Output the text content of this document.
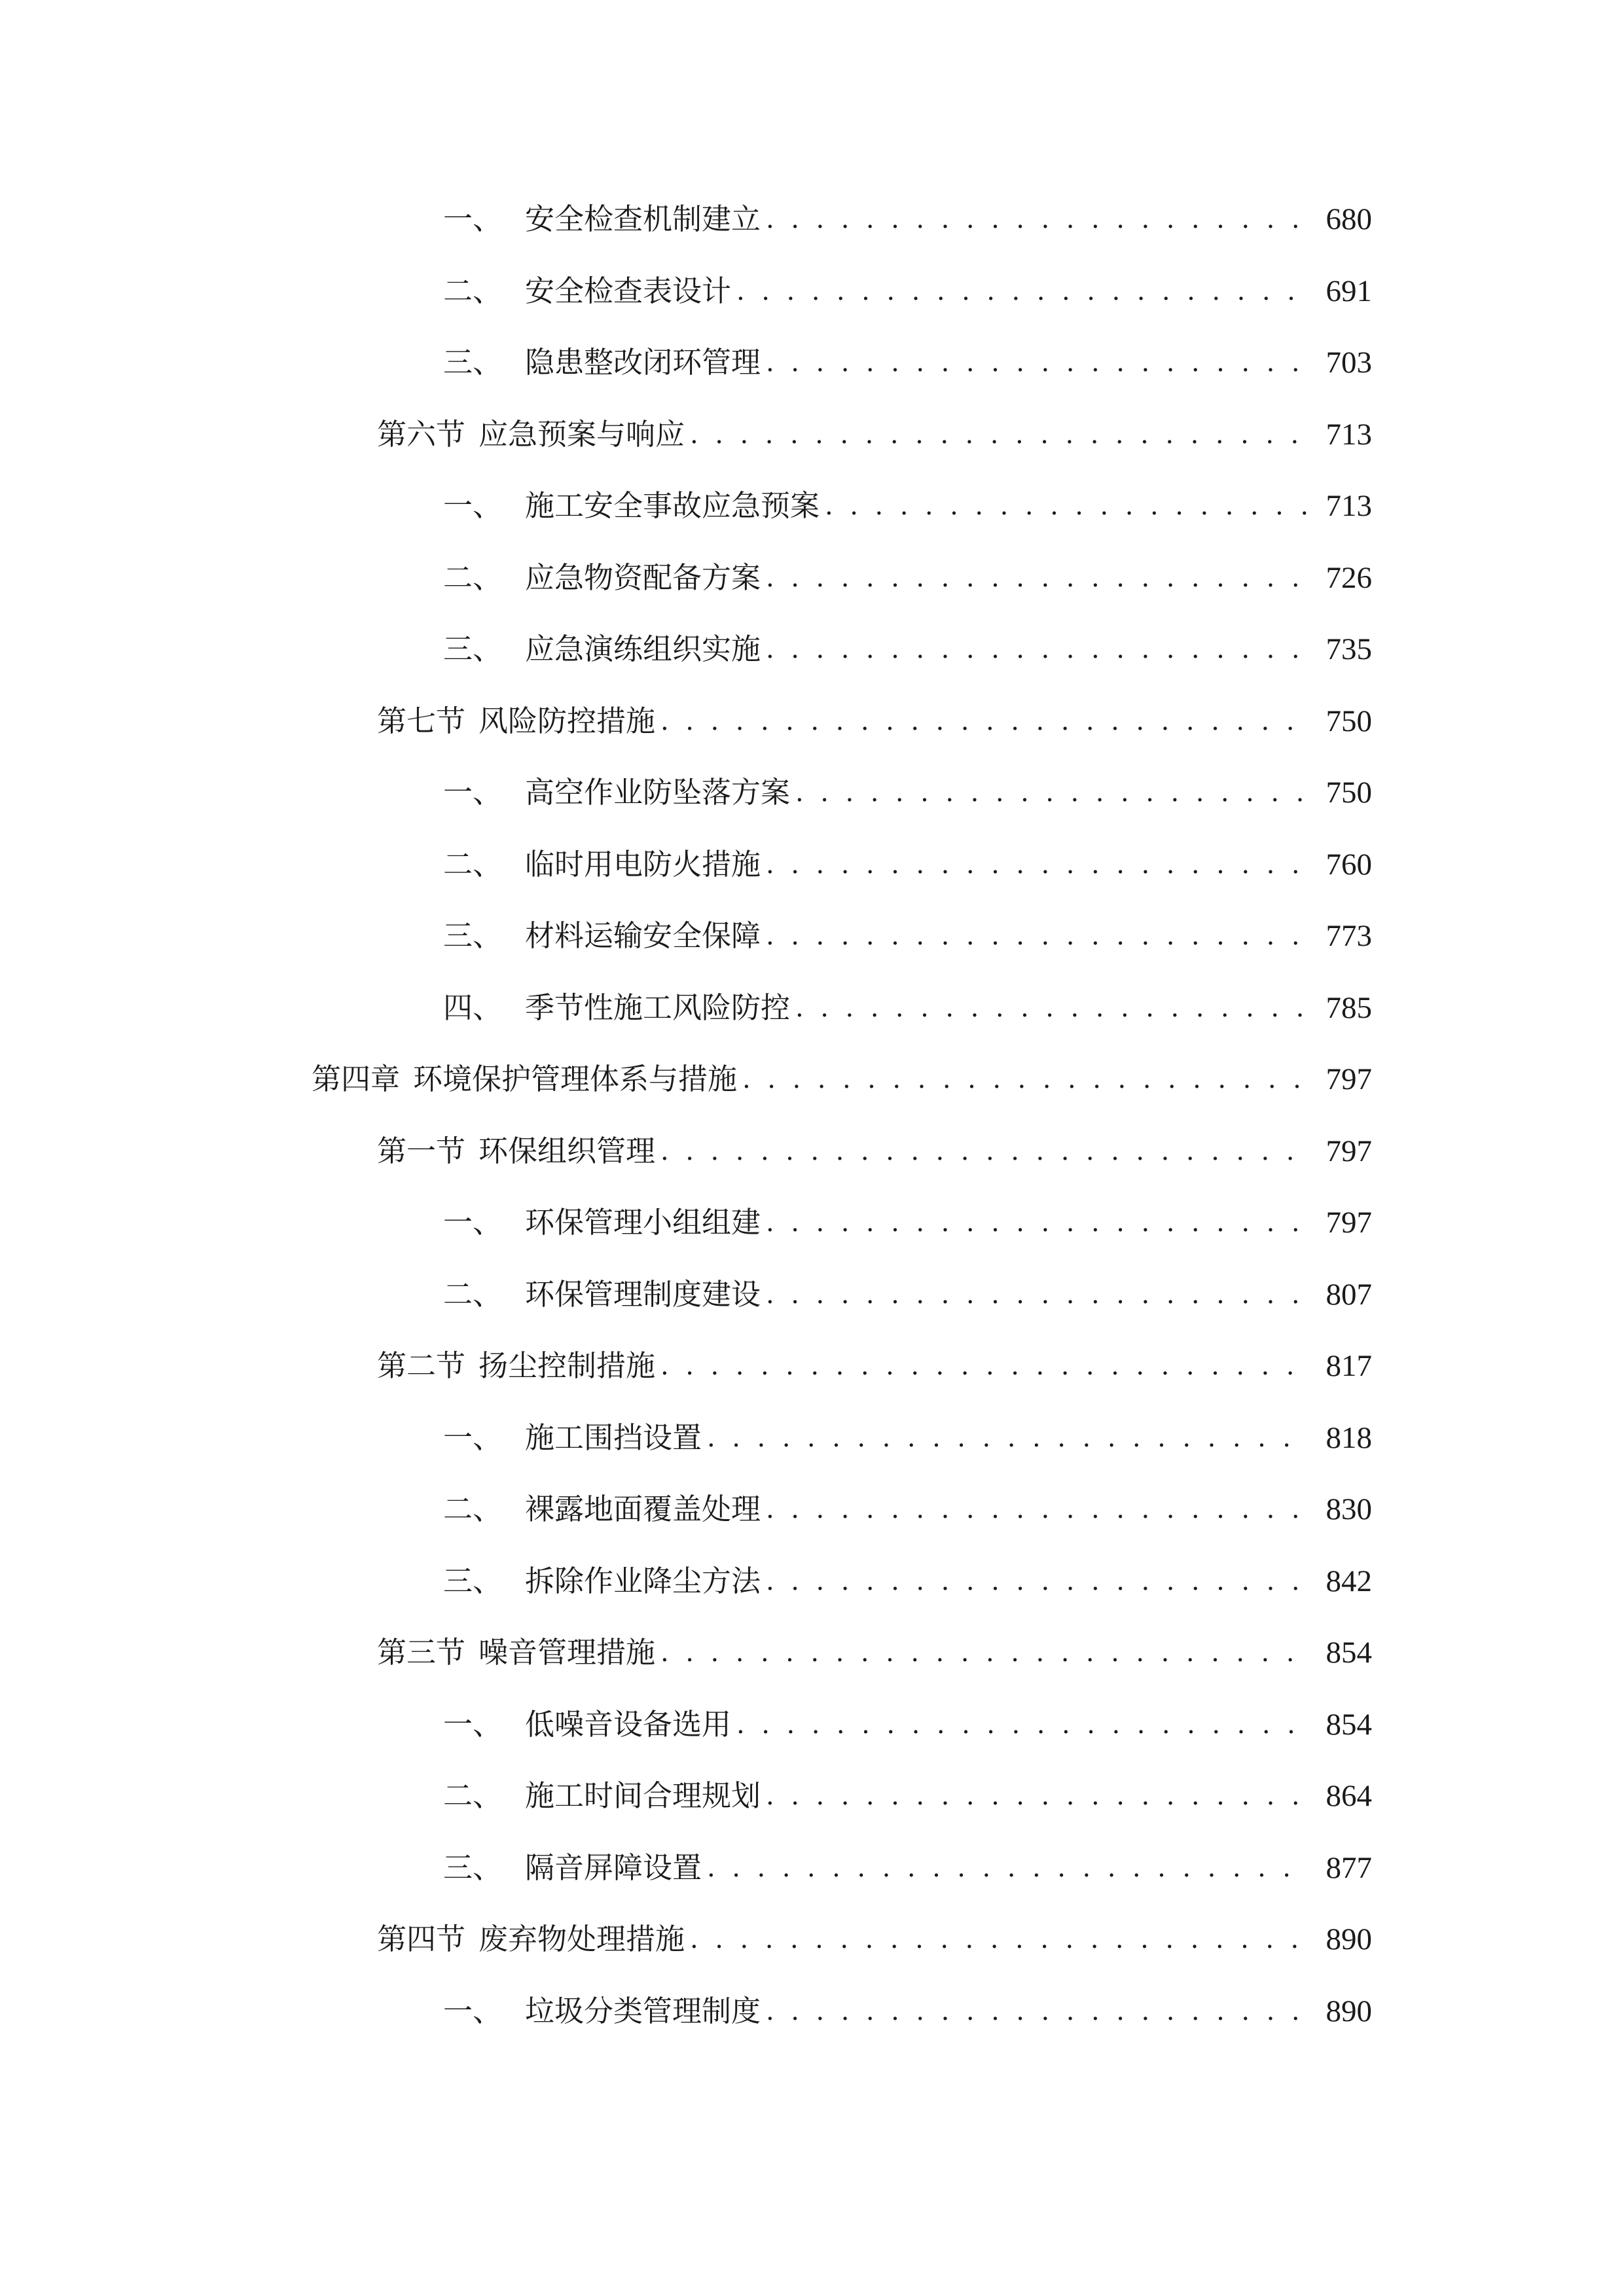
一、 安全检查机制建立 . . .	680
二、 安全检查表设计 . . .	691
三、 隐患整改闭环管理 . . .	703
第六节 应急预案与响应 . . .	713
一、 施工安全事故应急预案 . . .	713
二、 应急物资配备方案 . . .	726
三、 应急演练组织实施 . . .	735
第七节 风险防控措施 . . .	750
一、 高空作业防坠落方案 . . .	750
二、 临时用电防火措施 . . .	760
三、 材料运输安全保障 . . .	773
四、 季节性施工风险防控 . . .	785
第四章 环境保护管理体系与措施 . . .	797
第一节 环保组织管理 . . .	797
一、 环保管理小组组建 . . .	797
二、 环保管理制度建设 . . .	807
第二节 扬尘控制措施 . . .	817
一、 施工围挡设置 . . .	818
二、 裸露地面覆盖处理 . . .	830
三、 拆除作业降尘方法 . . .	842
第三节 噪音管理措施 . . .	854
一、 低噪音设备选用 . . .	854
二、 施工时间合理规划 . . .	864
三、 隔音屏障设置 . . .	877
第四节 废弃物处理措施 . . .	890
一、 垃圾分类管理制度 . . .	890
